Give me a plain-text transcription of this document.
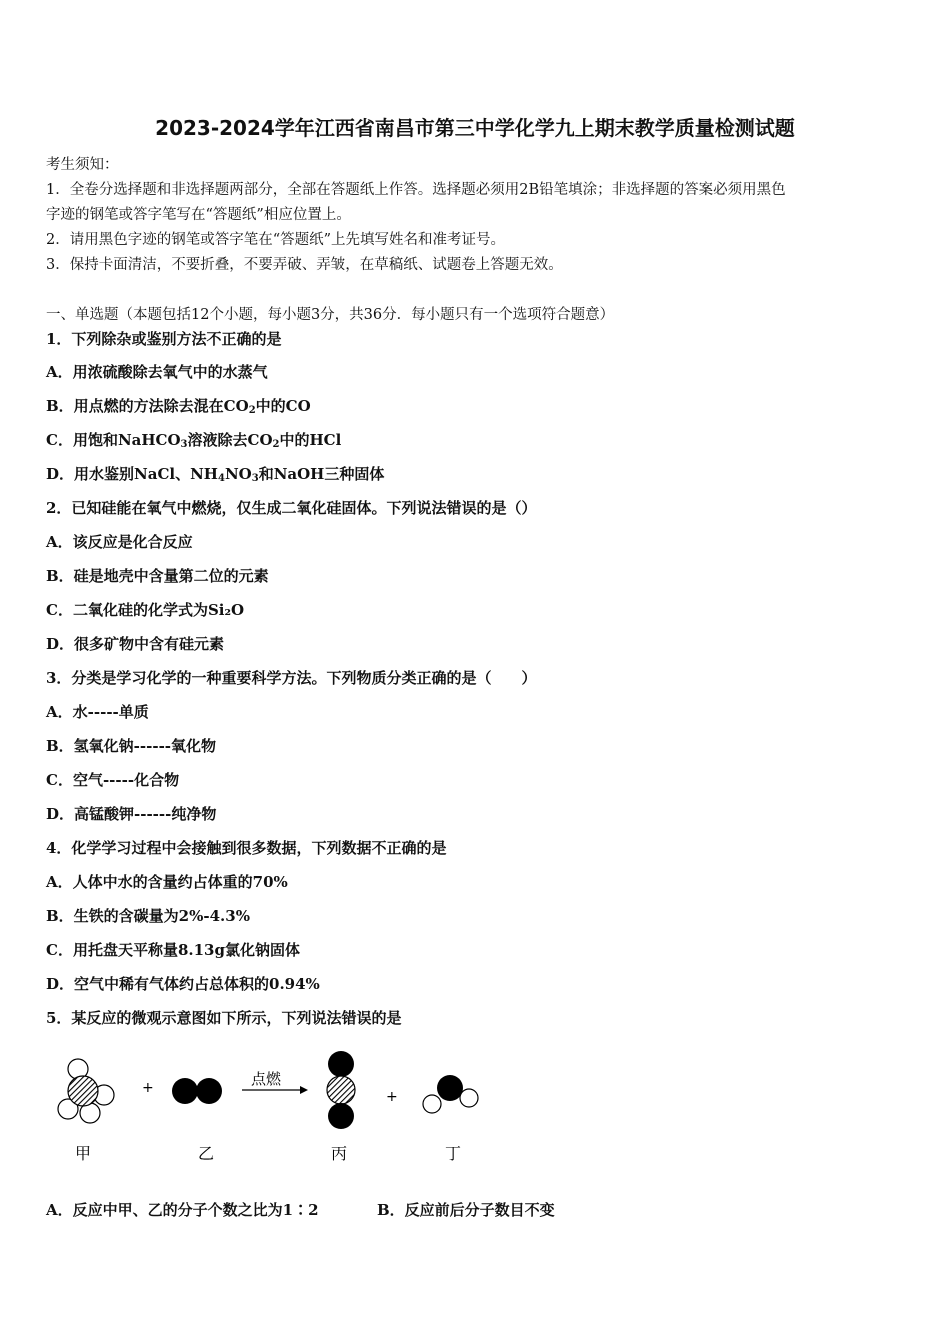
2023-2024学年江西省南昌市第三中学化学九上期末教学质量检测试题
考生须知：
1．全卷分选择题和非选择题两部分，全部在答题纸上作答。选择题必须用2B铅笔填涂；非选择题的答案必须用黑色
字迹的钢笔或答字笔写在“答题纸”相应位置上。
2．请用黑色字迹的钢笔或答字笔在“答题纸”上先填写姓名和准考证号。
3．保持卡面清洁，不要折叠，不要弄破、弄皱，在草稿纸、试题卷上答题无效。
一、单选题（本题包括12个小题，每小题3分，共36分．每小题只有一个选项符合题意）
1．下列除杂或鉴别方法不正确的是
A．用浓硫酸除去氧气中的水蒸气
B．用点燃的方法除去混在$CO_2$中的CO
C．用饱和NaHCO$_3$溶液除去$CO_2$中的HCl
D．用水鉴别NaCl、$NH_4NO_3$和NaOH三种固体
2．已知硅能在氧气中燃烧，仅生成二氧化硅固体。下列说法错误的是（）
A．该反应是化合反应
B．硅是地壳中含量第二位的元素
C．二氧化硅的化学式为Si₂O
D．很多矿物中含有硅元素
3．分类是学习化学的一种重要科学方法。下列物质分类正确的是（　　）
A．水-----单质
B．氢氧化钠------氧化物
C．空气-----化合物
D．高锰酸钾------纯净物
4．化学学习过程中会接触到很多数据，下列数据不正确的是
A．人体中水的含量约占体重的70%
B．生铁的含碳量为2%-4.3%
C．用托盘天平称量8.13g氯化钠固体
D．空气中稀有气体约占总体积的0.94%
5．某反应的微观示意图如下所示，下列说法错误的是
+	点燃
+
甲	乙	丙	丁
A．反应中甲、乙的分子个数之比为1∶2	B．反应前后分子数目不变
